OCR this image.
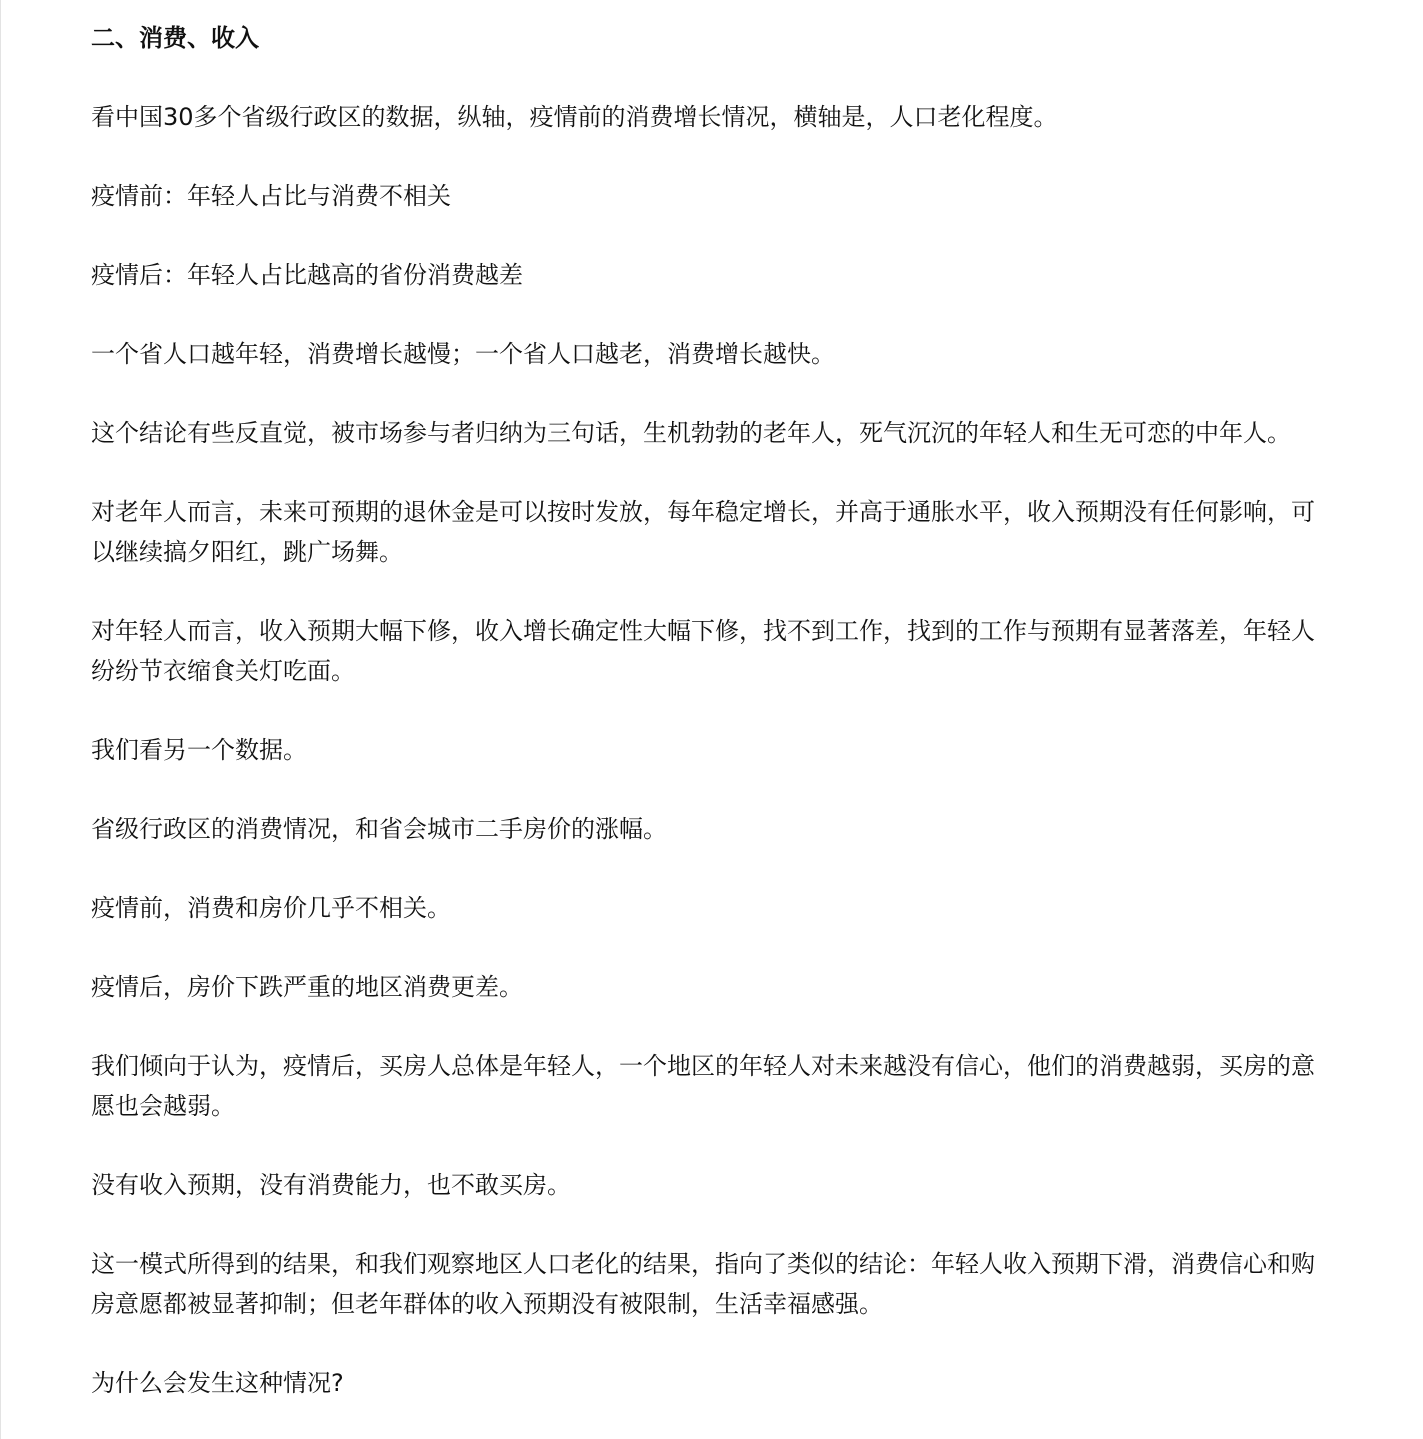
二、消费、收入

看中国30多个省级行政区的数据，纵轴，疫情前的消费增长情况，横轴是，人口老化程度。

疫情前：年轻人占比与消费不相关

疫情后：年轻人占比越高的省份消费越差

一个省人口越年轻，消费增长越慢；一个省人口越老，消费增长越快。

这个结论有些反直觉，被市场参与者归纳为三句话，生机勃勃的老年人，死气沉沉的年轻人和生无可恋的中年人。

对老年人而言，未来可预期的退休金是可以按时发放，每年稳定增长，并高于通胀水平，收入预期没有任何影响，可以继续搞夕阳红，跳广场舞。

对年轻人而言，收入预期大幅下修，收入增长确定性大幅下修，找不到工作，找到的工作与预期有显著落差，年轻人纷纷节衣缩食关灯吃面。

我们看另一个数据。

省级行政区的消费情况，和省会城市二手房价的涨幅。

疫情前，消费和房价几乎不相关。

疫情后，房价下跌严重的地区消费更差。

我们倾向于认为，疫情后，买房人总体是年轻人，一个地区的年轻人对未来越没有信心，他们的消费越弱，买房的意愿也会越弱。

没有收入预期，没有消费能力，也不敢买房。

这一模式所得到的结果，和我们观察地区人口老化的结果，指向了类似的结论：年轻人收入预期下滑，消费信心和购房意愿都被显著抑制；但老年群体的收入预期没有被限制，生活幸福感强。

为什么会发生这种情况?
